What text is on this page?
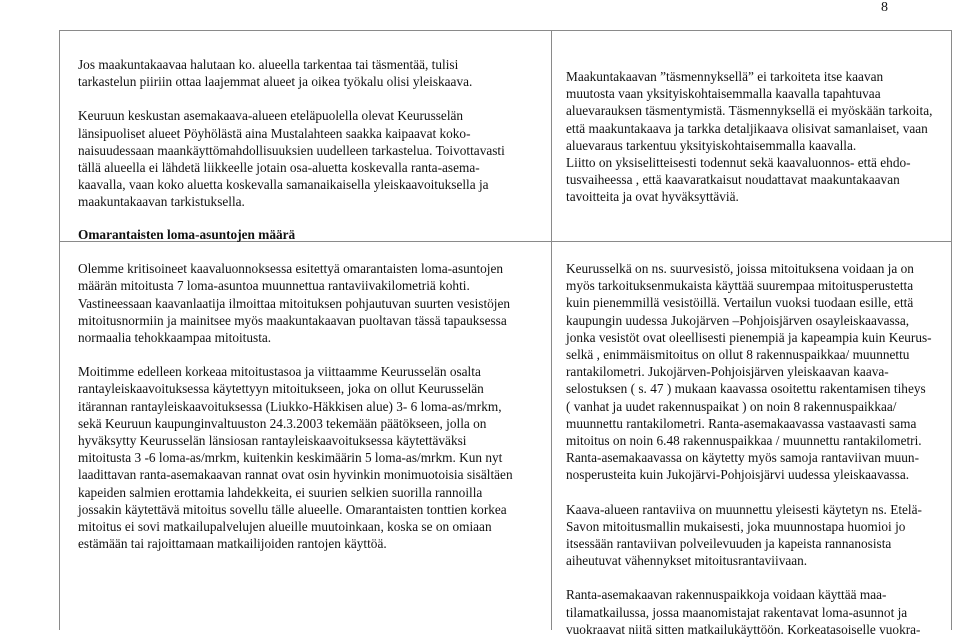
8

Jos maakuntakaavaa halutaan ko. alueella tarkentaa tai täsmentää, tulisi
tarkastelun piiriin ottaa laajemmat alueet ja oikea työkalu olisi yleiskaava.

Keuruun keskustan asemakaava-alueen eteläpuolella olevat Keurusselän
länsipuoliset alueet Pöyhölästä aina Mustalahteen saakka kaipaavat koko-
naisuudessaan maankäyttömahdollisuuksien uudelleen tarkastelua. Toivottavasti
tällä alueella ei lähdetä liikkeelle jotain osa-aluetta koskevalla ranta-asema-
kaavalla, vaan koko aluetta koskevalla samanaikaisella yleiskaavoituksella ja
maakuntakaavan tarkistuksella.

Maakuntakaavan ”täsmennyksellä” ei tarkoiteta itse kaavan
muutosta vaan yksityiskohtaisemmalla kaavalla tapahtuvaa
aluevarauksen täsmentymistä. Täsmennyksellä ei myöskään tarkoita,
että maakuntakaava ja tarkka detaljikaava olisivat samanlaiset, vaan
aluevaraus tarkentuu yksityiskohtaisemmalla kaavalla.
Liitto on yksiselitteisesti todennut sekä kaavaluonnos- että ehdo-
tusvaiheessa , että kaavaratkaisut noudattavat maakuntakaavan
tavoitteita ja ovat hyväksyttäviä.

Omarantaisten loma-asuntojen määrä

Olemme kritisoineet kaavaluonnoksessa esitettyä omarantaisten loma-asuntojen
määrän mitoitusta 7 loma-asuntoa muunnettua rantaviivakilometriä kohti.
Vastineessaan kaavanlaatija ilmoittaa mitoituksen pohjautuvan suurten vesistöjen
mitoitusnormiin ja mainitsee myös maakuntakaavan puoltavan tässä tapauksessa
normaalia tehokkaampaa mitoitusta.

Moitimme edelleen korkeaa mitoitustasoa ja viittaamme Keurusselän osalta
rantayleiskaavoituksessa käytettyyn mitoitukseen, joka on ollut Keurusselän
itärannan rantayleiskaavoituksessa (Liukko-Häkkisen alue) 3- 6 loma-as/mrkm,
sekä Keuruun kaupunginvaltuuston 24.3.2003 tekemään päätökseen, jolla on
hyväksytty Keurusselän länsiosan rantayleiskaavoituksessa käytettäväksi
mitoitusta 3 -6 loma-as/mrkm, kuitenkin keskimäärin 5 loma-as/mrkm. Kun nyt
laadittavan ranta-asemakaavan rannat ovat osin hyvinkin monimuotoisia sisältäen
kapeiden salmien erottamia lahdekkeita, ei suurien selkien suorilla rannoilla
jossakin käytettävä mitoitus sovellu tälle alueelle. Omarantaisten tonttien korkea
mitoitus ei sovi matkailupalvelujen alueille muutoinkaan, koska se on omiaan
estämään tai rajoittamaan matkailijoiden rantojen käyttöä.

Keurusselkä on ns. suurvesistö, joissa mitoituksena voidaan ja on
myös tarkoituksenmukaista käyttää suurempaa mitoitusperustetta
kuin pienemmillä vesistöillä. Vertailun vuoksi tuodaan esille, että
kaupungin uudessa Jukojärven –Pohjoisjärven osayleiskaavassa,
jonka vesistöt ovat oleellisesti pienempiä ja kapeampia kuin Keurus-
selkä , enimmäismitoitus on ollut 8 rakennuspaikkaa/ muunnettu
rantakilometri. Jukojärven-Pohjoisjärven yleiskaavan kaava-
selostuksen ( s. 47 ) mukaan kaavassa osoitettu rakentamisen tiheys
( vanhat ja uudet rakennuspaikat ) on noin 8 rakennuspaikkaa/
muunnettu rantakilometri. Ranta-asemakaavassa vastaavasti sama
mitoitus on noin 6.48 rakennuspaikkaa / muunnettu rantakilometri.
Ranta-asemakaavassa on käytetty myös samoja rantaviivan muun-
nosperusteita kuin Jukojärvi-Pohjoisjärvi uudessa yleiskaavassa.

Kaava-alueen rantaviiva on muunnettu yleisesti käytetyn ns. Etelä-
Savon mitoitusmallin mukaisesti, joka muunnostapa huomioi jo
itsessään rantaviivan polveilevuuden ja kapeista rannanosista
aiheutuvat vähennykset mitoitusrantaviivaan.

Ranta-asemakaavan rakennuspaikkoja voidaan käyttää maa-
tilamatkailussa, jossa maanomistajat rakentavat loma-asunnot ja
vuokraavat niitä sitten matkailukäyttöön. Korkeatasoiselle vuokra-
